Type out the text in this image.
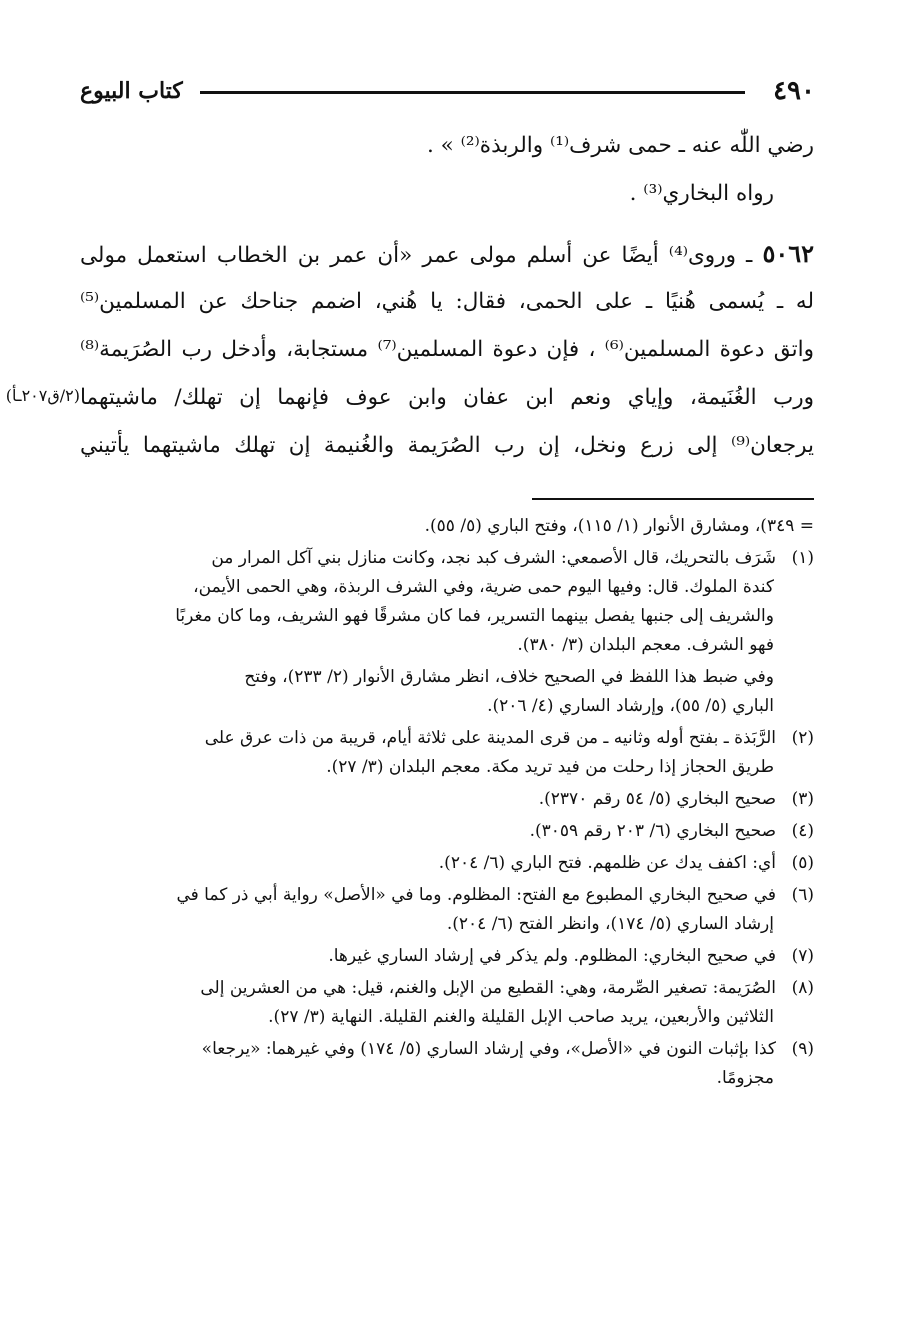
٤٩٠
كتاب البيوع
رضي اللّٰه عنه ـ حمى شرف⁽¹⁾ والربذة⁽²⁾ » .
رواه البخاري⁽³⁾ .
٥٠٦٢ ـ وروى⁽⁴⁾ أيضًا عن أسلم مولى عمر «أن عمر بن الخطاب استعمل مولى
له ـ يُسمى هُنيًا ـ على الحمى، فقال: يا هُني، اضمم جناحك عن المسلمين⁽⁵⁾
واتق دعوة المسلمين⁽⁶⁾ ، فإن دعوة المسلمين⁽⁷⁾ مستجابة، وأدخل رب الصُرَيمة⁽⁸⁾
ورب الغُنَيمة، وإياي ونعم ابن عفان وابن عوف فإنهما إن تهلك/ ماشيتهما
يرجعان⁽⁹⁾ إلى زرع ونخل، إن رب الصُرَيمة والغُنيمة إن تهلك ماشيتهما يأتيني
(٢/ق٢٠٧ـأ)
= ٣٤٩)، ومشارق الأنوار (١/ ١١٥)، وفتح الباري (٥/ ٥٥).
(١)شَرَف بالتحريك، قال الأصمعي: الشرف كبد نجد، وكانت منازل بني آكل المرار من
كندة الملوك. قال: وفيها اليوم حمى ضرية، وفي الشرف الربذة، وهي الحمى الأيمن،
والشريف إلى جنبها يفصل بينهما التسرير، فما كان مشرقًا فهو الشريف، وما كان مغربًا
فهو الشرف. معجم البلدان (٣/ ٣٨٠).
وفي ضبط هذا اللفظ في الصحيح خلاف، انظر مشارق الأنوار (٢/ ٢٣٣)، وفتح
الباري (٥/ ٥٥)، وإرشاد الساري (٤/ ٢٠٦).
(٢)الرَّبَذة ـ بفتح أوله وثانيه ـ من قرى المدينة على ثلاثة أيام، قريبة من ذات عرق على
طريق الحجاز إذا رحلت من فيد تريد مكة. معجم البلدان (٣/ ٢٧).
(٣)صحيح البخاري (٥/ ٥٤ رقم ٢٣٧٠).
(٤)صحيح البخاري (٦/ ٢٠٣ رقم ٣٠٥٩).
(٥)أي: اكفف يدك عن ظلمهم. فتح الباري (٦/ ٢٠٤).
(٦)في صحيح البخاري المطبوع مع الفتح: المظلوم. وما في «الأصل» رواية أبي ذر كما في
إرشاد الساري (٥/ ١٧٤)، وانظر الفتح (٦/ ٢٠٤).
(٧)في صحيح البخاري: المظلوم. ولم يذكر في إرشاد الساري غيرها.
(٨)الصُرَيمة: تصغير الصِّرمة، وهي: القطيع من الإبل والغنم، قيل: هي من العشرين إلى
الثلاثين والأربعين، يريد صاحب الإبل القليلة والغنم القليلة. النهاية (٣/ ٢٧).
(٩)كذا بإثبات النون في «الأصل»، وفي إرشاد الساري (٥/ ١٧٤) وفي غيرهما: «يرجعا»
مجزومًا.
